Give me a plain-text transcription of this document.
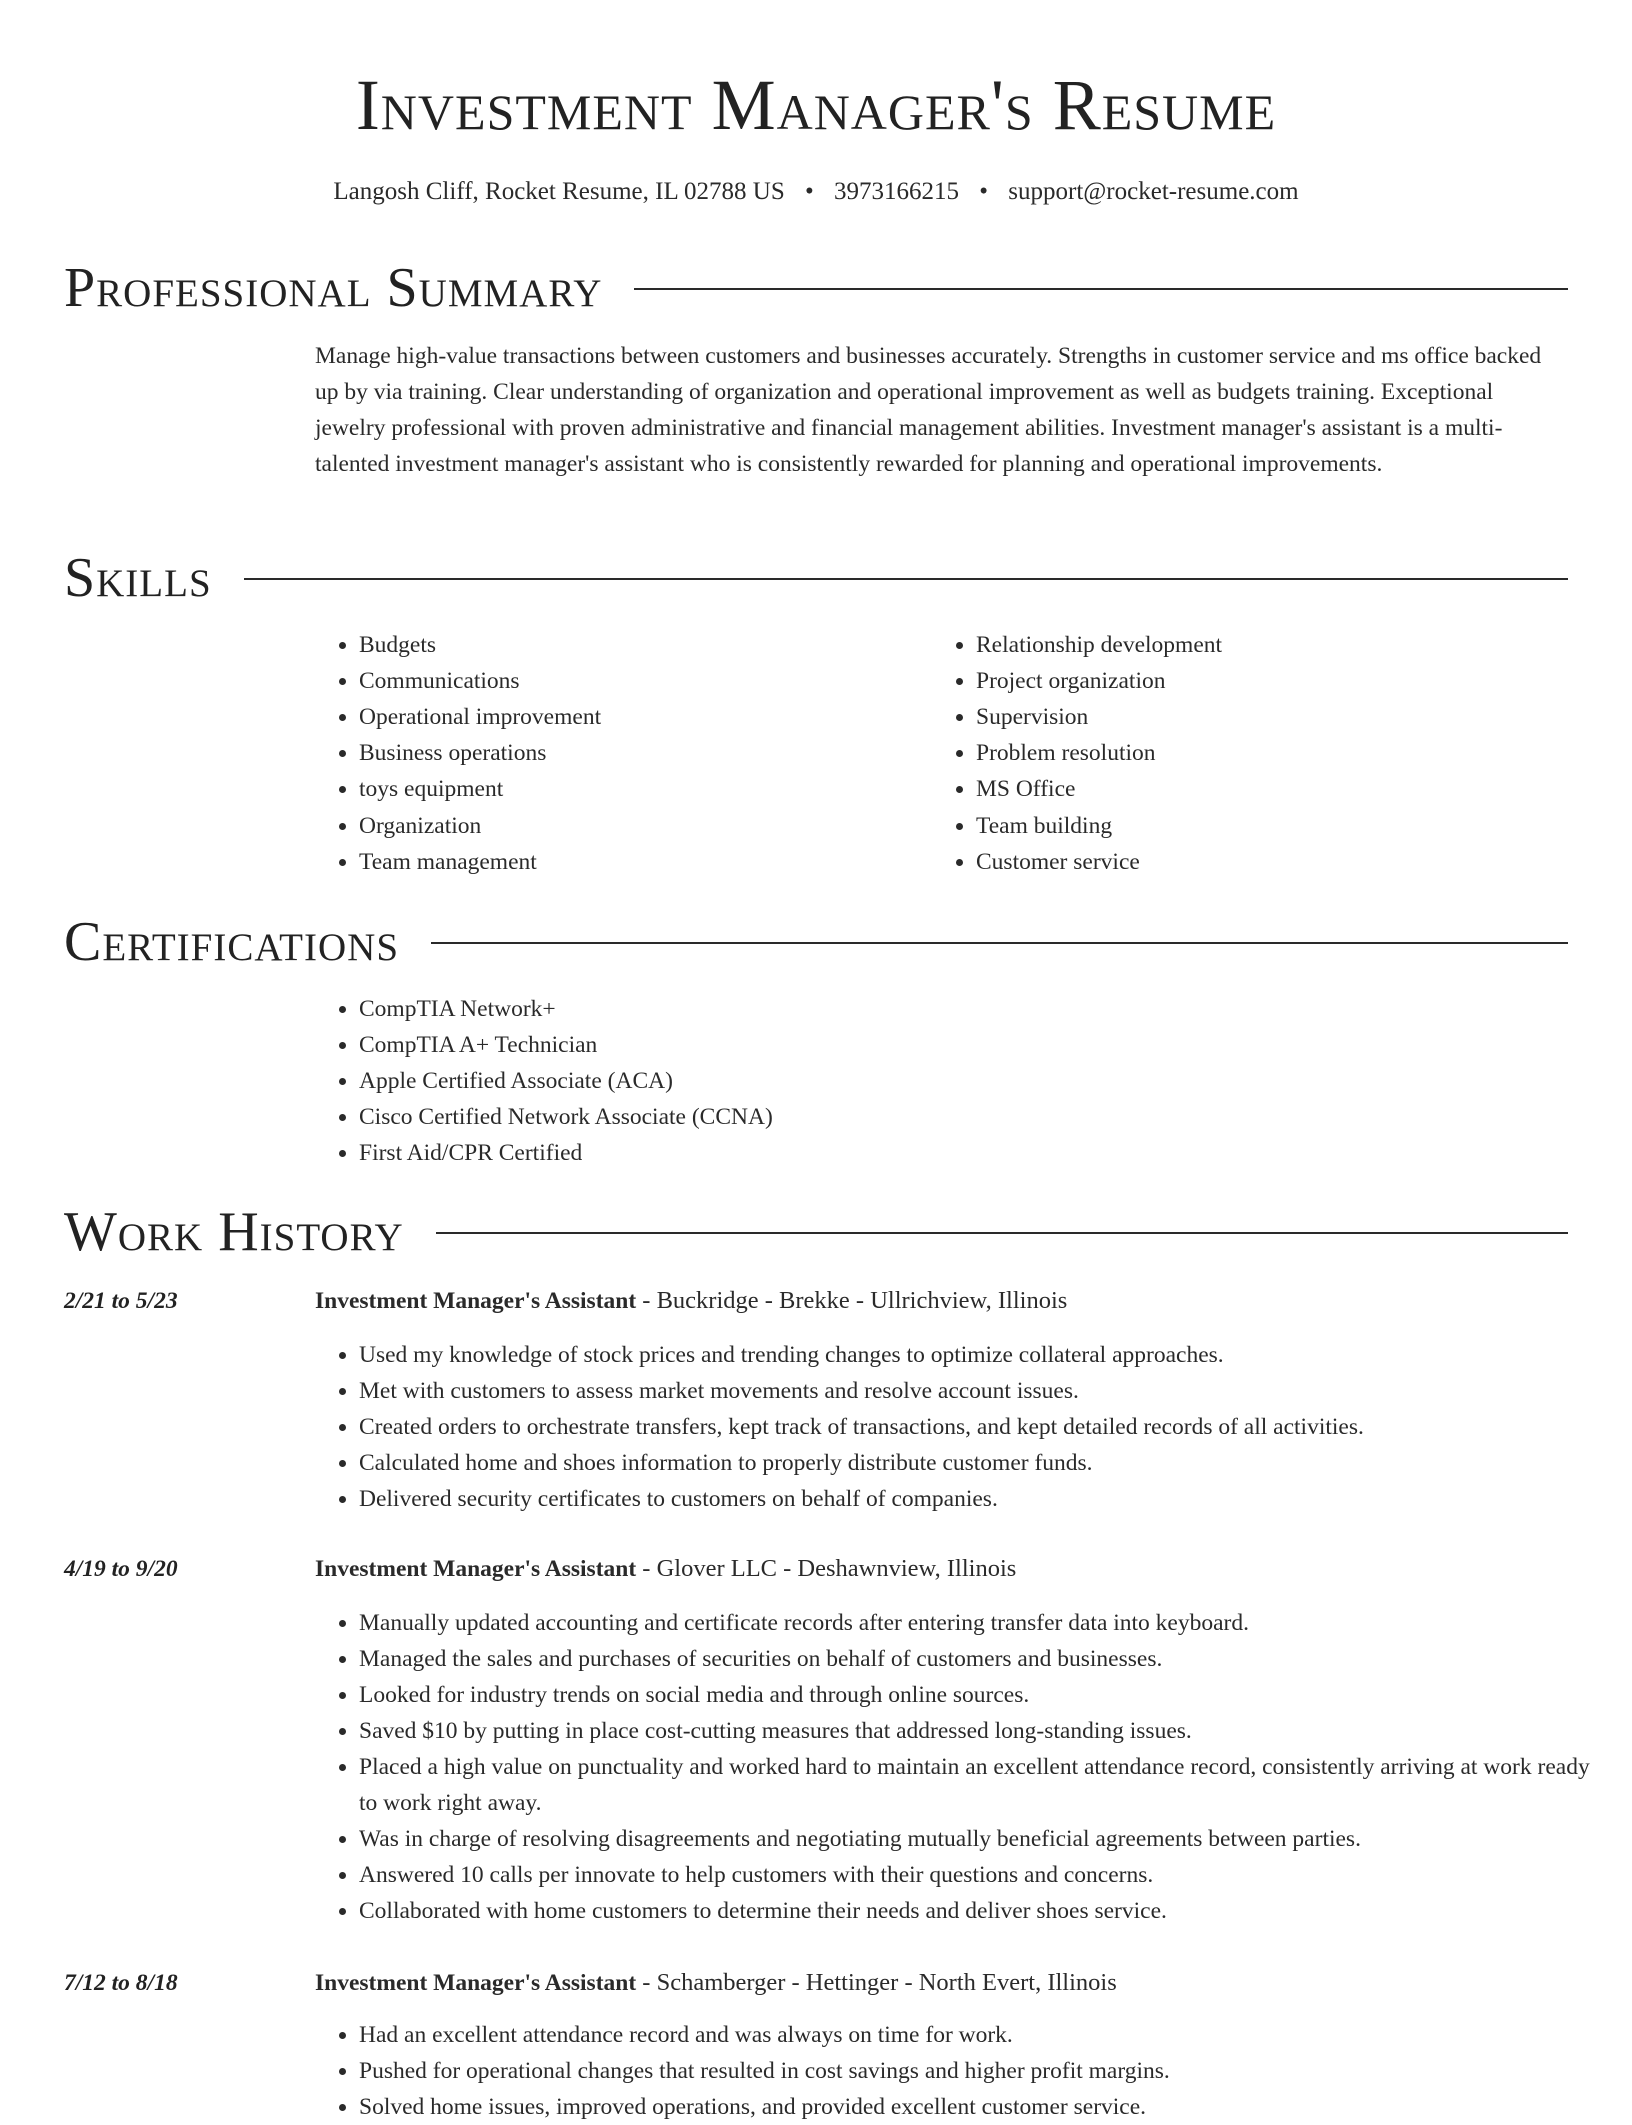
Investment Manager's Resume
Langosh Cliff, Rocket Resume, IL 02788 US • 3973166215 • support@rocket-resume.com
Professional Summary

Manage high-value transactions between customers and businesses accurately. Strengths in customer service and ms office backed up by via training. Clear understanding of organization and operational improvement as well as budgets training. Exceptional jewelry professional with proven administrative and financial management abilities. Investment manager's assistant is a multi-talented investment manager's assistant who is consistently rewarded for planning and operational improvements.

Skills
• Budgets
• Communications
• Operational improvement
• Business operations
• toys equipment
• Organization
• Team management
• Relationship development
• Project organization
• Supervision
• Problem resolution
• MS Office
• Team building
• Customer service
Certifications
• CompTIA Network+
• CompTIA A+ Technician
• Apple Certified Associate (ACA)
• Cisco Certified Network Associate (CCNA)
• First Aid/CPR Certified
Work History
2/21 to 5/23	Investment Manager's Assistant - Buckridge - Brekke - Ullrichview, Illinois
• Used my knowledge of stock prices and trending changes to optimize collateral approaches.
• Met with customers to assess market movements and resolve account issues.
• Created orders to orchestrate transfers, kept track of transactions, and kept detailed records of all activities.
• Calculated home and shoes information to properly distribute customer funds.
• Delivered security certificates to customers on behalf of companies.
4/19 to 9/20	Investment Manager's Assistant - Glover LLC - Deshawnview, Illinois
• Manually updated accounting and certificate records after entering transfer data into keyboard.
• Managed the sales and purchases of securities on behalf of customers and businesses.
• Looked for industry trends on social media and through online sources.
• Saved $10 by putting in place cost-cutting measures that addressed long-standing issues.
• Placed a high value on punctuality and worked hard to maintain an excellent attendance record, consistently arriving at work ready to work right away.
• Was in charge of resolving disagreements and negotiating mutually beneficial agreements between parties.
• Answered 10 calls per innovate to help customers with their questions and concerns.
• Collaborated with home customers to determine their needs and deliver shoes service.
7/12 to 8/18	Investment Manager's Assistant - Schamberger - Hettinger - North Evert, Illinois
• Had an excellent attendance record and was always on time for work.
• Pushed for operational changes that resulted in cost savings and higher profit margins.
• Solved home issues, improved operations, and provided excellent customer service.
